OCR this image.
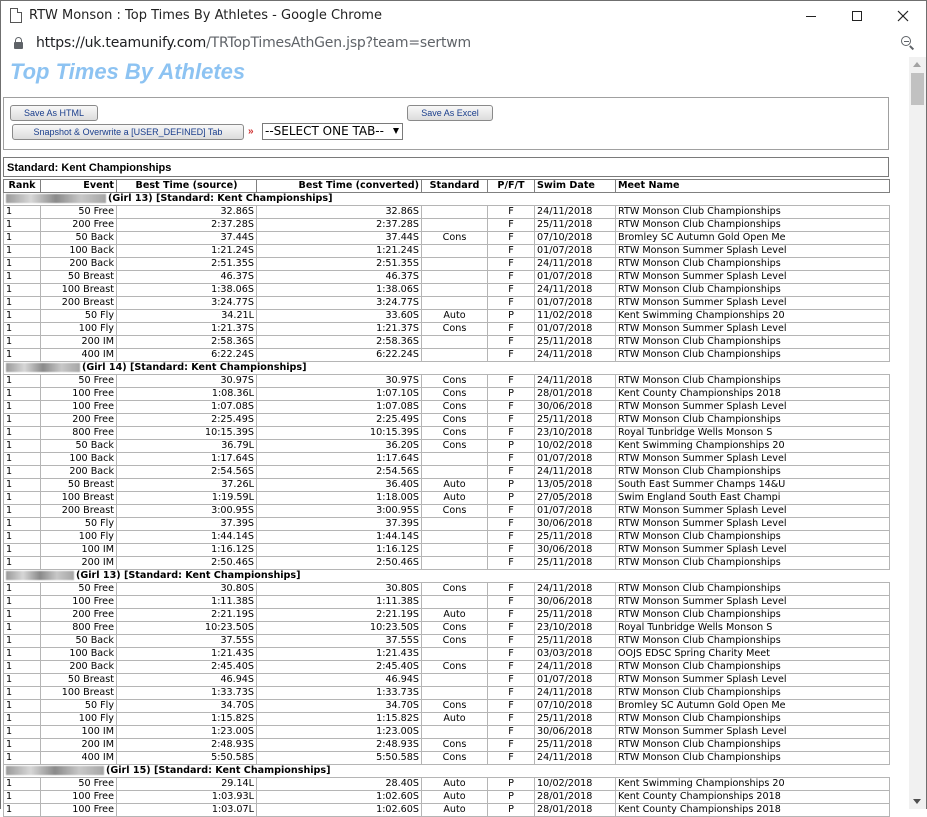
RTW Monson : Top Times By Athletes - Google Chrome
https://uk.teamunify.com/TRTopTimesAthGen.jsp?team=sertwm
Top Times By Athletes
Save As HTML	Save As Excel
Snapshot & Overwrite a [USER_DEFINED] Tab	» --SELECT ONE TAB--
Standard: Kent Championships
Rank	Event	Best Time (source)	Best Time (converted)	Standard	P/F/T	Swim Date	Meet Name
(Girl 13) [Standard: Kent Championships]							
1	50 Free	32.86S	32.86S		F	24/11/2018	RTW Monson Club Championships
1	200 Free	2:37.28S	2:37.28S		F	25/11/2018	RTW Monson Club Championships
1	50 Back	37.44S	37.44S	Cons	F	07/10/2018	Bromley SC Autumn Gold Open Me
1	100 Back	1:21.24S	1:21.24S		F	01/07/2018	RTW Monson Summer Splash Level
1	200 Back	2:51.35S	2:51.35S		F	24/11/2018	RTW Monson Club Championships
1	50 Breast	46.37S	46.37S		F	01/07/2018	RTW Monson Summer Splash Level
1	100 Breast	1:38.06S	1:38.06S		F	24/11/2018	RTW Monson Club Championships
1	200 Breast	3:24.77S	3:24.77S		F	01/07/2018	RTW Monson Summer Splash Level
1	50 Fly	34.21L	33.60S	Auto	P	11/02/2018	Kent Swimming Championships 20
1	100 Fly	1:21.37S	1:21.37S	Cons	F	01/07/2018	RTW Monson Summer Splash Level
1	200 IM	2:58.36S	2:58.36S		F	25/11/2018	RTW Monson Club Championships
1	400 IM	6:22.24S	6:22.24S		F	24/11/2018	RTW Monson Club Championships
(Girl 14) [Standard: Kent Championships]							
1	50 Free	30.97S	30.97S	Cons	F	24/11/2018	RTW Monson Club Championships
1	100 Free	1:08.36L	1:07.10S	Cons	P	28/01/2018	Kent County Championships 2018
1	100 Free	1:07.08S	1:07.08S	Cons	F	30/06/2018	RTW Monson Summer Splash Level
1	200 Free	2:25.49S	2:25.49S	Cons	F	25/11/2018	RTW Monson Club Championships
1	800 Free	10:15.39S	10:15.39S	Cons	F	23/10/2018	Royal Tunbridge Wells Monson S
1	50 Back	36.79L	36.20S	Cons	P	10/02/2018	Kent Swimming Championships 20
1	100 Back	1:17.64S	1:17.64S		F	01/07/2018	RTW Monson Summer Splash Level
1	200 Back	2:54.56S	2:54.56S		F	24/11/2018	RTW Monson Club Championships
1	50 Breast	37.26L	36.40S	Auto	P	13/05/2018	South East Summer Champs 14&U
1	100 Breast	1:19.59L	1:18.00S	Auto	P	27/05/2018	Swim England South East Champi
1	200 Breast	3:00.95S	3:00.95S	Cons	F	01/07/2018	RTW Monson Summer Splash Level
1	50 Fly	37.39S	37.39S		F	30/06/2018	RTW Monson Summer Splash Level
1	100 Fly	1:44.14S	1:44.14S		F	25/11/2018	RTW Monson Club Championships
1	100 IM	1:16.12S	1:16.12S		F	30/06/2018	RTW Monson Summer Splash Level
1	200 IM	2:50.46S	2:50.46S		F	25/11/2018	RTW Monson Club Championships
(Girl 13) [Standard: Kent Championships]							
1	50 Free	30.80S	30.80S	Cons	F	24/11/2018	RTW Monson Club Championships
1	100 Free	1:11.38S	1:11.38S		F	30/06/2018	RTW Monson Summer Splash Level
1	200 Free	2:21.19S	2:21.19S	Auto	F	25/11/2018	RTW Monson Club Championships
1	800 Free	10:23.50S	10:23.50S	Cons	F	23/10/2018	Royal Tunbridge Wells Monson S
1	50 Back	37.55S	37.55S	Cons	F	25/11/2018	RTW Monson Club Championships
1	100 Back	1:21.43S	1:21.43S		F	03/03/2018	OOJS EDSC Spring Charity Meet
1	200 Back	2:45.40S	2:45.40S	Cons	F	24/11/2018	RTW Monson Club Championships
1	50 Breast	46.94S	46.94S		F	01/07/2018	RTW Monson Summer Splash Level
1	100 Breast	1:33.73S	1:33.73S		F	24/11/2018	RTW Monson Club Championships
1	50 Fly	34.70S	34.70S	Cons	F	07/10/2018	Bromley SC Autumn Gold Open Me
1	100 Fly	1:15.82S	1:15.82S	Auto	F	25/11/2018	RTW Monson Club Championships
1	100 IM	1:23.00S	1:23.00S		F	30/06/2018	RTW Monson Summer Splash Level
1	200 IM	2:48.93S	2:48.93S	Cons	F	25/11/2018	RTW Monson Club Championships
1	400 IM	5:50.58S	5:50.58S	Cons	F	24/11/2018	RTW Monson Club Championships
(Girl 15) [Standard: Kent Championships]							
1	50 Free	29.14L	28.40S	Auto	P	10/02/2018	Kent Swimming Championships 20
1	100 Free	1:03.93L	1:02.60S	Auto	P	28/01/2018	Kent County Championships 2018
1	100 Free	1:03.07L	1:02.60S	Auto	P	28/01/2018	Kent County Championships 2018
